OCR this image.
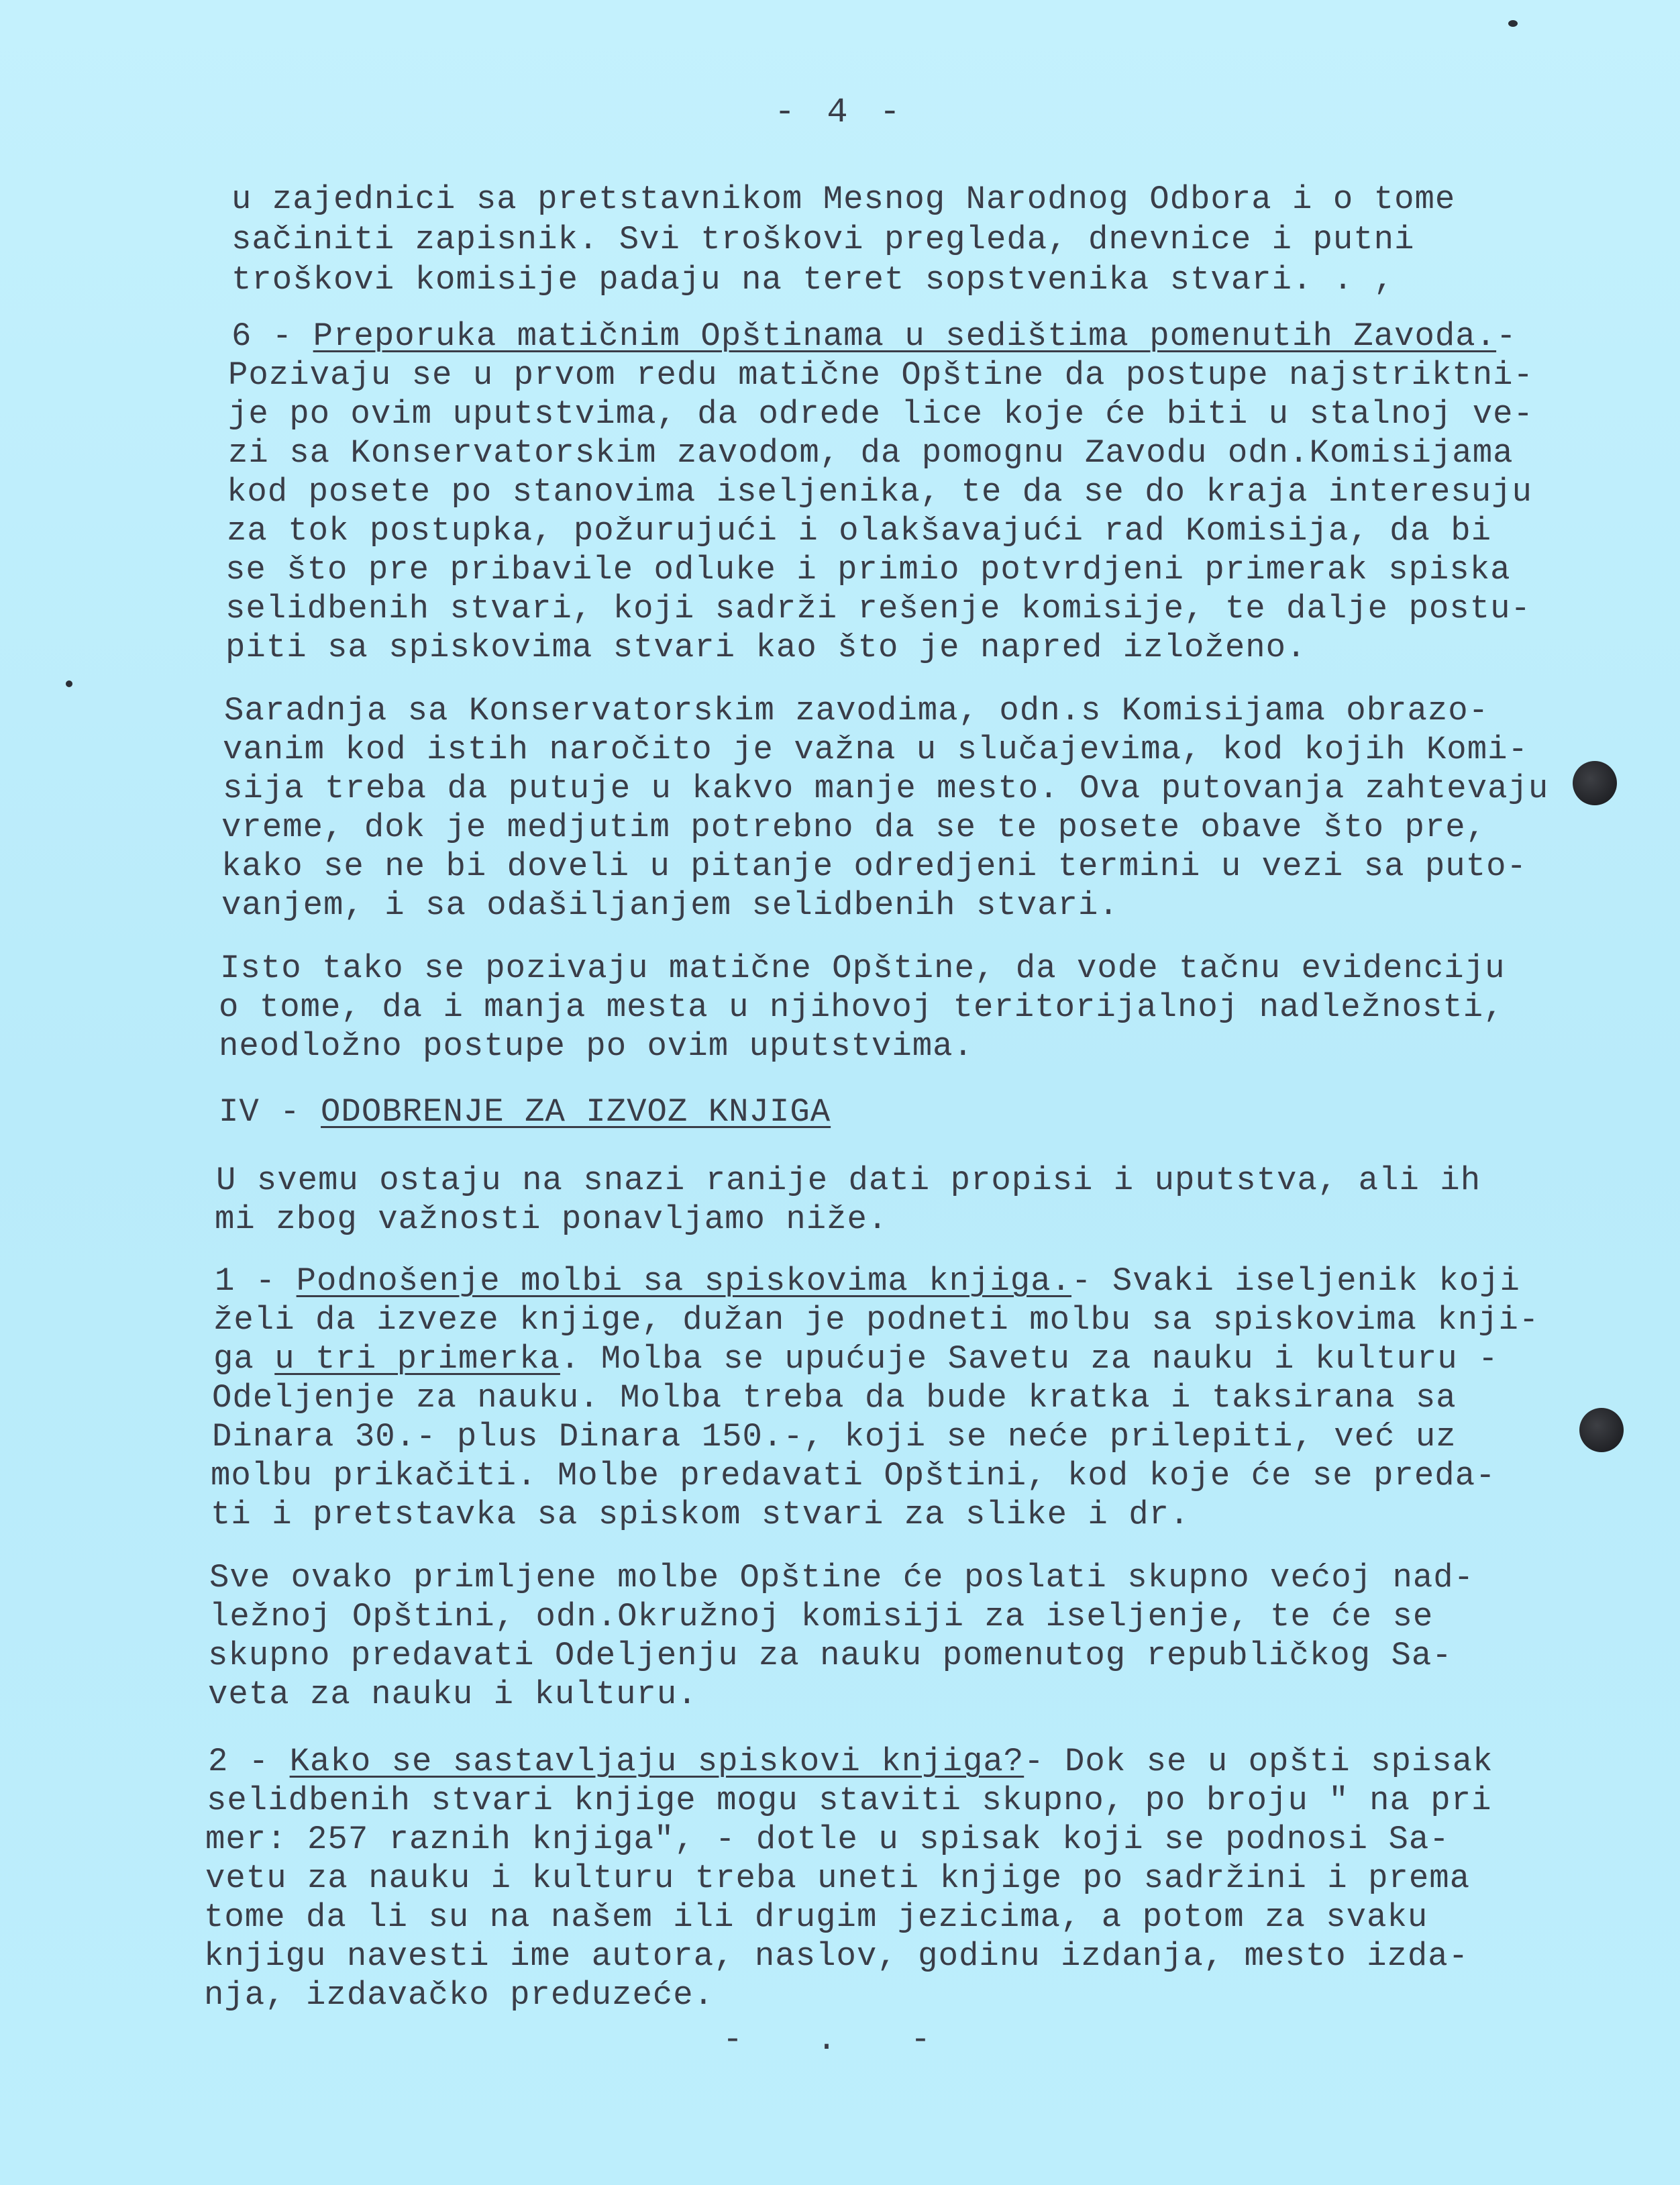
- 4 -
u zajednici sa pretstavnikom Mesnog Narodnog Odbora i o tome
sačiniti zapisnik. Svi troškovi pregleda, dnevnice i putni
troškovi komisije padaju na teret sopstvenika stvari. . ,
6 - Preporuka matičnim Opštinama u sedištima pomenutih Zavoda.-
Pozivaju se u prvom redu matične Opštine da postupe najstriktni-
je po ovim uputstvima, da odrede lice koje će biti u stalnoj ve-
zi sa Konservatorskim zavodom, da pomognu Zavodu odn.Komisijama
kod posete po stanovima iseljenika, te da se do kraja interesuju
za tok postupka, požurujući i olakšavajući rad Komisija, da bi
se što pre pribavile odluke i primio potvrdjeni primerak spiska
selidbenih stvari, koji sadrži rešenje komisije, te dalje postu-
piti sa spiskovima stvari kao što je napred izloženo.
Saradnja sa Konservatorskim zavodima, odn.s Komisijama obrazo-
vanim kod istih naročito je važna u slučajevima, kod kojih Komi-
sija treba da putuje u kakvo manje mesto. Ova putovanja zahtevaju
vreme, dok je medjutim potrebno da se te posete obave što pre,
kako se ne bi doveli u pitanje odredjeni termini u vezi sa puto-
vanjem, i sa odašiljanjem selidbenih stvari.
Isto tako se pozivaju matične Opštine, da vode tačnu evidenciju
o tome, da i manja mesta u njihovoj teritorijalnoj nadležnosti,
neodložno postupe po ovim uputstvima.
IV - ODOBRENJE ZA IZVOZ KNJIGA
U svemu ostaju na snazi ranije dati propisi i uputstva, ali ih
mi zbog važnosti ponavljamo niže.
1 - Podnošenje molbi sa spiskovima knjiga.- Svaki iseljenik koji
želi da izveze knjige, dužan je podneti molbu sa spiskovima knji-
ga u tri primerka. Molba se upućuje Savetu za nauku i kulturu -
Odeljenje za nauku. Molba treba da bude kratka i taksirana sa
Dinara 30.- plus Dinara 150.-, koji se neće prilepiti, već uz
molbu prikačiti. Molbe predavati Opštini, kod koje će se preda-
ti i pretstavka sa spiskom stvari za slike i dr.
Sve ovako primljene molbe Opštine će poslati skupno većoj nad-
ležnoj Opštini, odn.Okružnoj komisiji za iseljenje, te će se
skupno predavati Odeljenju za nauku pomenutog republičkog Sa-
veta za nauku i kulturu.
2 - Kako se sastavljaju spiskovi knjiga?- Dok se u opšti spisak
selidbenih stvari knjige mogu staviti skupno, po broju " na pri
mer: 257 raznih knjiga", - dotle u spisak koji se podnosi Sa-
vetu za nauku i kulturu treba uneti knjige po sadržini i prema
tome da li su na našem ili drugim jezicima, a potom za svaku
knjigu navesti ime autora, naslov, godinu izdanja, mesto izda-
nja, izdavačko preduzeće.
- . -
